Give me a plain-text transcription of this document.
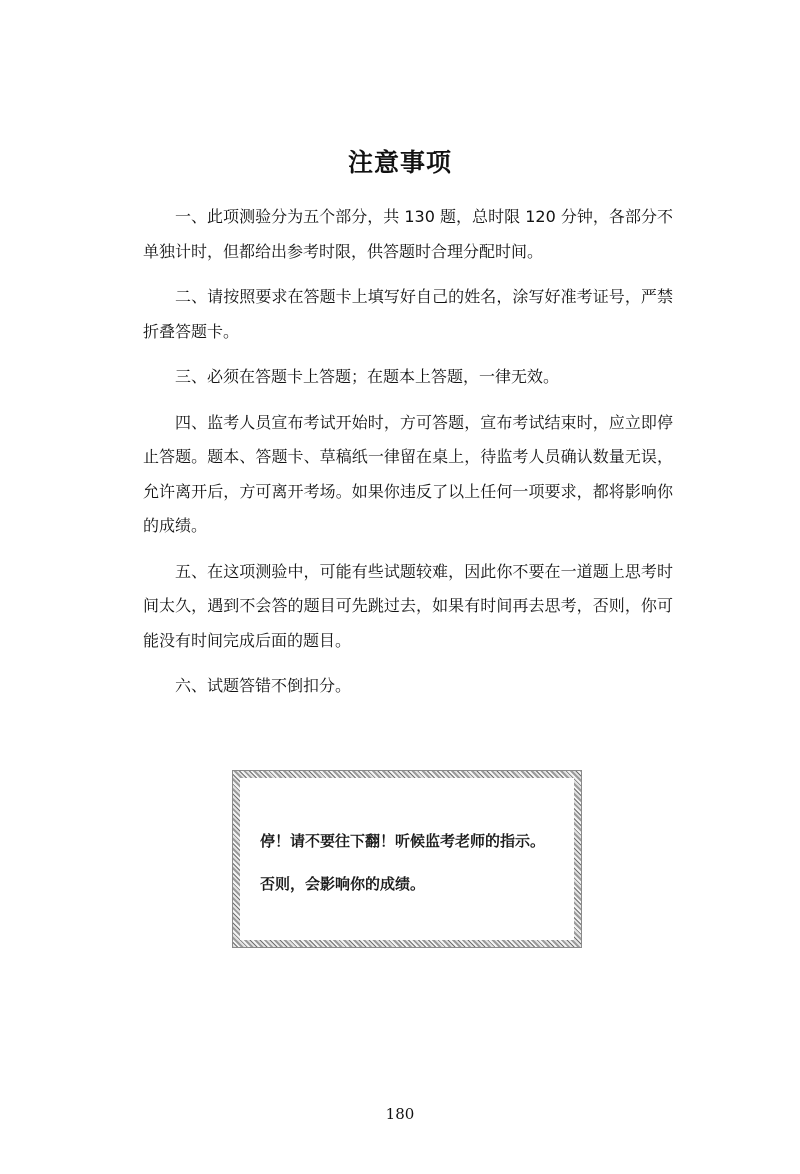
注意事项

一、此项测验分为五个部分，共 130 题，总时限 120 分钟，各部分不单独计时，但都给出参考时限，供答题时合理分配时间。

二、请按照要求在答题卡上填写好自己的姓名，涂写好准考证号，严禁折叠答题卡。

三、必须在答题卡上答题；在题本上答题，一律无效。

四、监考人员宣布考试开始时，方可答题，宣布考试结束时，应立即停止答题。题本、答题卡、草稿纸一律留在桌上，待监考人员确认数量无误，允许离开后，方可离开考场。如果你违反了以上任何一项要求，都将影响你的成绩。

五、在这项测验中，可能有些试题较难，因此你不要在一道题上思考时间太久，遇到不会答的题目可先跳过去，如果有时间再去思考，否则，你可能没有时间完成后面的题目。

六、试题答错不倒扣分。

停！请不要往下翻！听候监考老师的指示。
否则，会影响你的成绩。
180
